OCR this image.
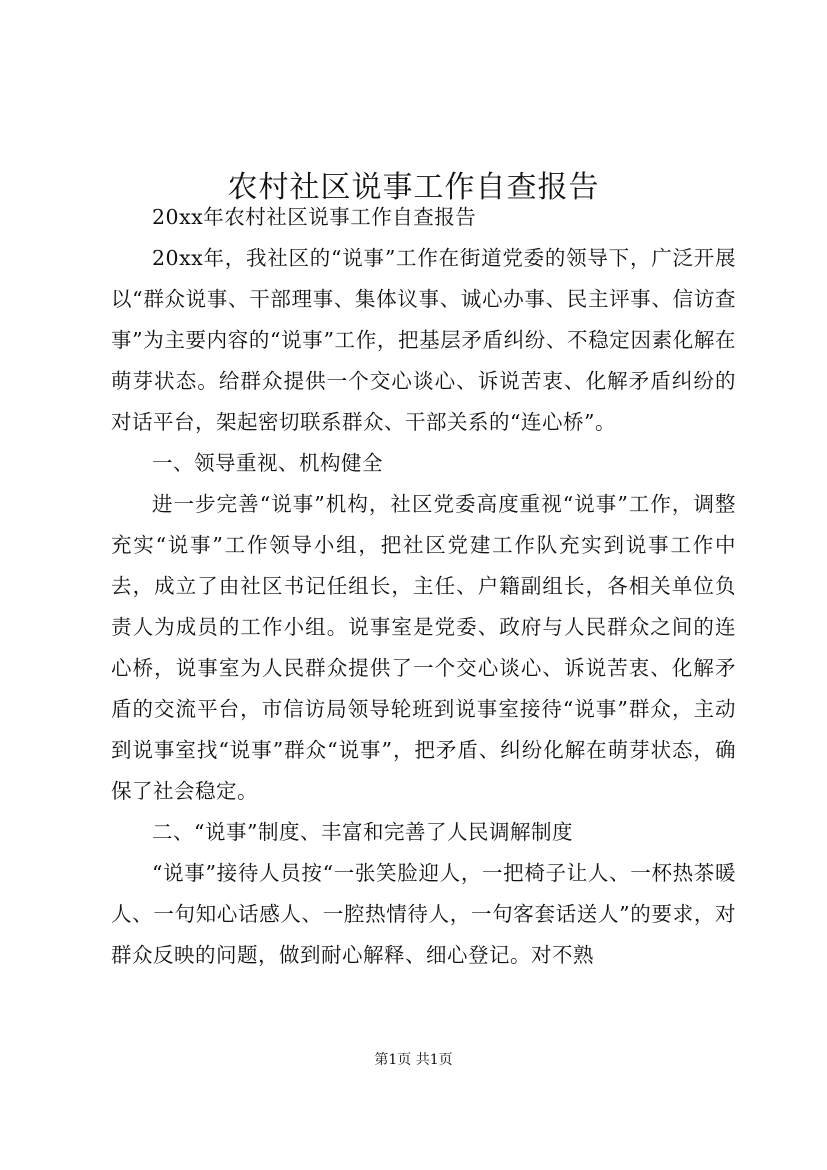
农村社区说事工作自查报告

20xx年农村社区说事工作自查报告

20xx年，我社区的“说事”工作在街道党委的领导下，广泛开展以“群众说事、干部理事、集体议事、诚心办事、民主评事、信访查事”为主要内容的“说事”工作，把基层矛盾纠纷、不稳定因素化解在萌芽状态。给群众提供一个交心谈心、诉说苦衷、化解矛盾纠纷的对话平台，架起密切联系群众、干部关系的“连心桥”。

一、领导重视、机构健全

进一步完善“说事”机构，社区党委高度重视“说事”工作，调整充实“说事”工作领导小组，把社区党建工作队充实到说事工作中去，成立了由社区书记任组长，主任、户籍副组长，各相关单位负责人为成员的工作小组。说事室是党委、政府与人民群众之间的连心桥，说事室为人民群众提供了一个交心谈心、诉说苦衷、化解矛盾的交流平台，市信访局领导轮班到说事室接待“说事”群众，主动到说事室找“说事”群众“说事”，把矛盾、纠纷化解在萌芽状态，确保了社会稳定。

二、“说事”制度、丰富和完善了人民调解制度

“说事”接待人员按“一张笑脸迎人，一把椅子让人、一杯热茶暖人、一句知心话感人、一腔热情待人，一句客套话送人”的要求，对群众反映的问题，做到耐心解释、细心登记。对不熟

第1页 共1页
